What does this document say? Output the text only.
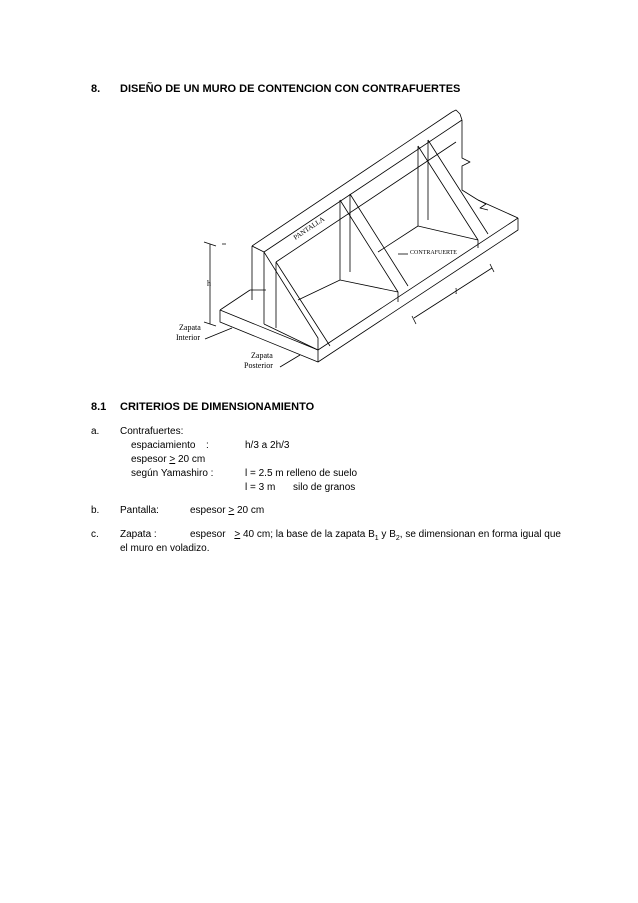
8. DISEÑO DE UN MURO DE CONTENCION CON CONTRAFUERTES
PANTALLA
CONTRAFUERTE
h
l
Zapata
Interior
Zapata
Posterior
8.1 CRITERIOS DE DIMENSIONAMIENTO
a. Contrafuertes:
espaciamiento :	h/3 a 2h/3
espesor ≥ 20 cm
según Yamashiro :	l = 2.5 m relleno de suelo
l = 3 m silo de granos
b. Pantalla:	espesor > 20 cm
c. Zapata :	espesor > 40 cm; la base de la zapata $B_1$ y $B_2$, se dimensionan en forma igual que
el muro en voladizo.
